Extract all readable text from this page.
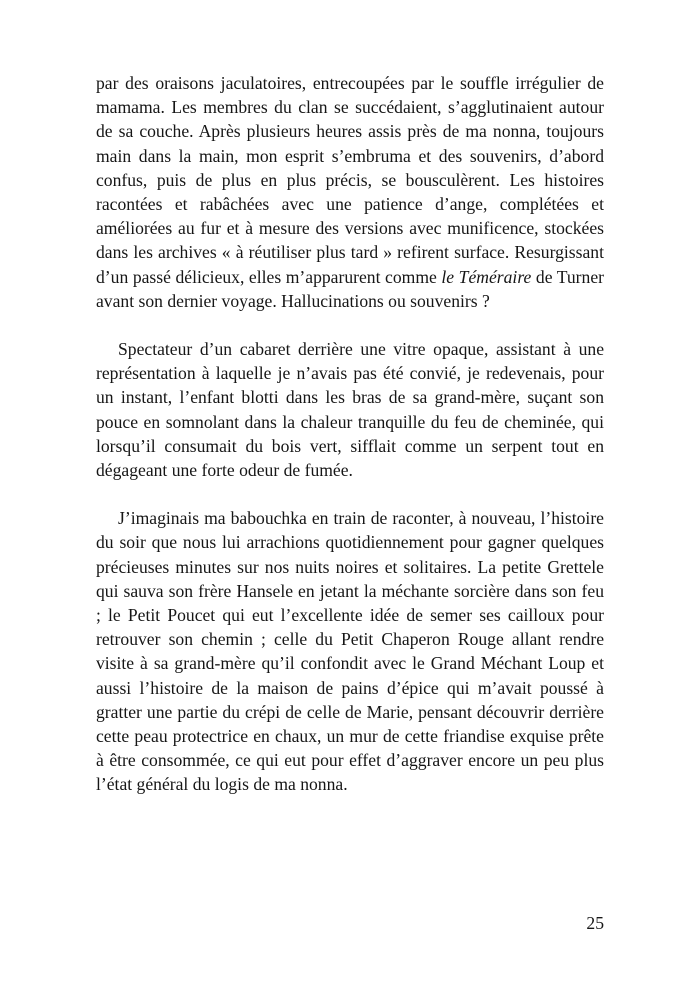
par des oraisons jaculatoires, entrecoupées par le souffle irrégulier de mamama. Les membres du clan se succédaient, s’agglutinaient autour de sa couche. Après plusieurs heures assis près de ma nonna, toujours main dans la main, mon esprit s’embruma et des souvenirs, d’abord confus, puis de plus en plus précis, se bousculèrent. Les histoires racontées et rabâchées avec une patience d’ange, complétées et améliorées au fur et à mesure des versions avec munificence, stockées dans les archives « à réutiliser plus tard » refirent surface. Resurgissant d’un passé délicieux, elles m’apparurent comme le Téméraire de Turner avant son dernier voyage. Hallucinations ou souvenirs ?

Spectateur d’un cabaret derrière une vitre opaque, assistant à une représentation à laquelle je n’avais pas été convié, je redevenais, pour un instant, l’enfant blotti dans les bras de sa grand-mère, suçant son pouce en somnolant dans la chaleur tranquille du feu de cheminée, qui lorsqu’il consumait du bois vert, sifflait comme un serpent tout en dégageant une forte odeur de fumée.

J’imaginais ma babouchka en train de raconter, à nouveau, l’histoire du soir que nous lui arrachions quotidiennement pour gagner quelques précieuses minutes sur nos nuits noires et solitaires. La petite Grettele qui sauva son frère Hansele en jetant la méchante sorcière dans son feu ; le Petit Poucet qui eut l’excellente idée de semer ses cailloux pour retrouver son chemin ; celle du Petit Chaperon Rouge allant rendre visite à sa grand-mère qu’il confondit avec le Grand Méchant Loup et aussi l’histoire de la maison de pains d’épice qui m’avait poussé à gratter une partie du crépi de celle de Marie, pensant découvrir derrière cette peau protectrice en chaux, un mur de cette friandise exquise prête à être consommée, ce qui eut pour effet d’aggraver encore un peu plus l’état général du logis de ma nonna.

25
